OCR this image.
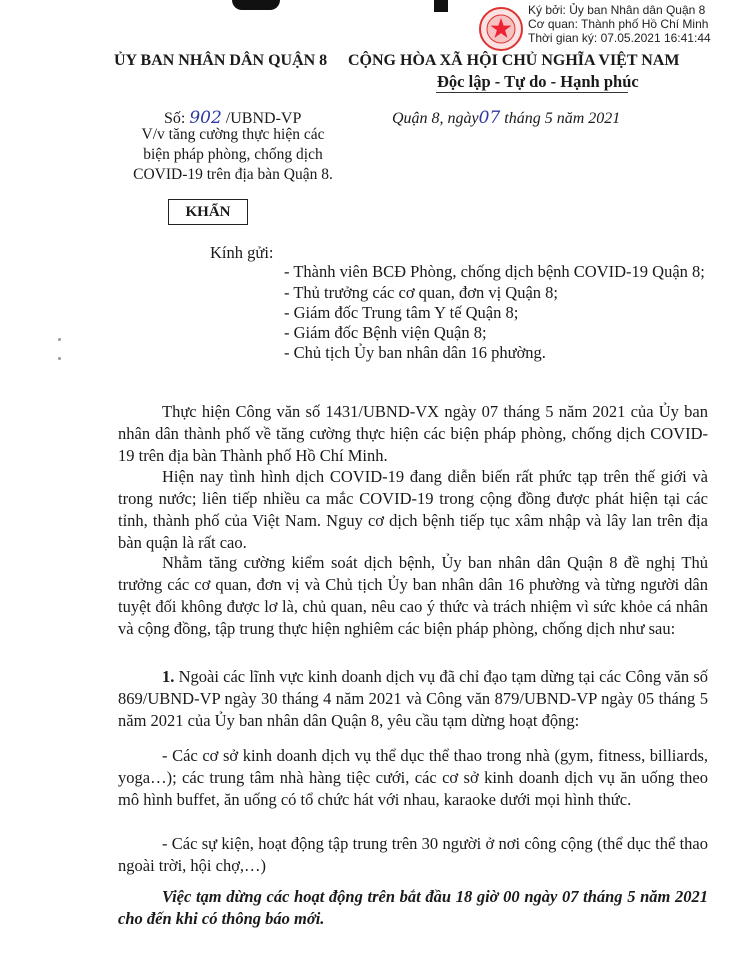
Ký bởi: Ủy ban Nhân dân Quận 8
Cơ quan: Thành phố Hồ Chí Minh
Thời gian ký: 07.05.2021 16:41:44
ỦY BAN NHÂN DÂN QUẬN 8 CỘNG HÒA XÃ HỘI CHỦ NGHĨA VIỆT NAM
Độc lập - Tự do - Hạnh phúc
Số: 902 /UBND-VP	Quận 8, ngày07 tháng 5 năm 2021
V/v tăng cường thực hiện các
biện pháp phòng, chống dịch
COVID-19 trên địa bàn Quận 8.
KHẨN
Kính gửi:
- Thành viên BCĐ Phòng, chống dịch bệnh COVID-19 Quận 8;
- Thủ trưởng các cơ quan, đơn vị Quận 8;
- Giám đốc Trung tâm Y tế Quận 8;
- Giám đốc Bệnh viện Quận 8;
- Chủ tịch Ủy ban nhân dân 16 phường.
Thực hiện Công văn số 1431/UBND-VX ngày 07 tháng 5 năm 2021 của Ủy ban nhân dân thành phố về tăng cường thực hiện các biện pháp phòng, chống dịch COVID-19 trên địa bàn Thành phố Hồ Chí Minh.
Hiện nay tình hình dịch COVID-19 đang diễn biến rất phức tạp trên thế giới và trong nước; liên tiếp nhiều ca mắc COVID-19 trong cộng đồng được phát hiện tại các tỉnh, thành phố của Việt Nam. Nguy cơ dịch bệnh tiếp tục xâm nhập và lây lan trên địa bàn quận là rất cao.
Nhằm tăng cường kiểm soát dịch bệnh, Ủy ban nhân dân Quận 8 đề nghị Thủ trưởng các cơ quan, đơn vị và Chủ tịch Ủy ban nhân dân 16 phường và từng người dân tuyệt đối không được lơ là, chủ quan, nêu cao ý thức và trách nhiệm vì sức khỏe cá nhân và cộng đồng, tập trung thực hiện nghiêm các biện pháp phòng, chống dịch như sau:
1. Ngoài các lĩnh vực kinh doanh dịch vụ đã chỉ đạo tạm dừng tại các Công văn số 869/UBND-VP ngày 30 tháng 4 năm 2021 và Công văn 879/UBND-VP ngày 05 tháng 5 năm 2021 của Ủy ban nhân dân Quận 8, yêu cầu tạm dừng hoạt động:
- Các cơ sở kinh doanh dịch vụ thể dục thể thao trong nhà (gym, fitness, billiards, yoga…); các trung tâm nhà hàng tiệc cưới, các cơ sở kinh doanh dịch vụ ăn uống theo mô hình buffet, ăn uống có tổ chức hát với nhau, karaoke dưới mọi hình thức.
- Các sự kiện, hoạt động tập trung trên 30 người ở nơi công cộng (thể dục thể thao ngoài trời, hội chợ,…)
Việc tạm dừng các hoạt động trên bắt đầu 18 giờ 00 ngày 07 tháng 5 năm 2021 cho đến khi có thông báo mới.
